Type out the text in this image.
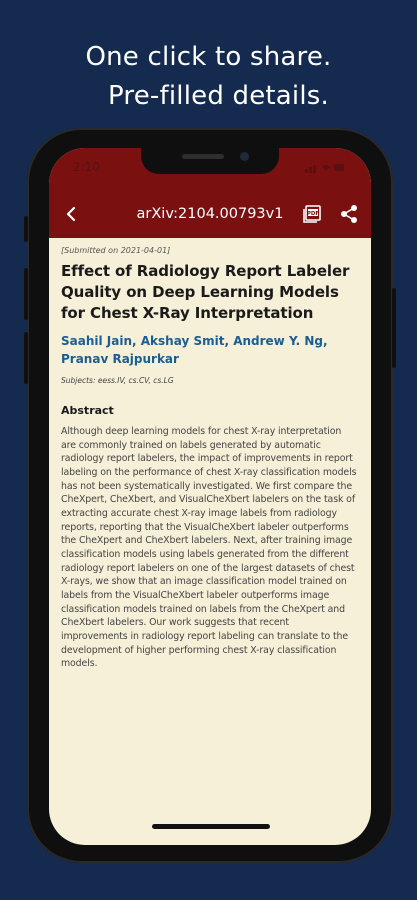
One click to share.
Pre-filled details.
2:10
arXiv:2104.00793v1	PDF
[Submitted on 2021-04-01]
Effect of Radiology Report Labeler Quality on Deep Learning Models for Chest X-Ray Interpretation
Saahil Jain, Akshay Smit, Andrew Y. Ng, Pranav Rajpurkar
Subjects: eess.IV, cs.CV, cs.LG
Abstract
Although deep learning models for chest X-ray interpretation are commonly trained on labels generated by automatic radiology report labelers, the impact of improvements in report labeling on the performance of chest X-ray classification models has not been systematically investigated. We first compare the CheXpert, CheXbert, and VisualCheXbert labelers on the task of extracting accurate chest X-ray image labels from radiology reports, reporting that the VisualCheXbert labeler outperforms the CheXpert and CheXbert labelers. Next, after training image classification models using labels generated from the different radiology report labelers on one of the largest datasets of chest X-rays, we show that an image classification model trained on labels from the VisualCheXbert labeler outperforms image classification models trained on labels from the CheXpert and CheXbert labelers. Our work suggests that recent improvements in radiology report labeling can translate to the development of higher performing chest X-ray classification models.
